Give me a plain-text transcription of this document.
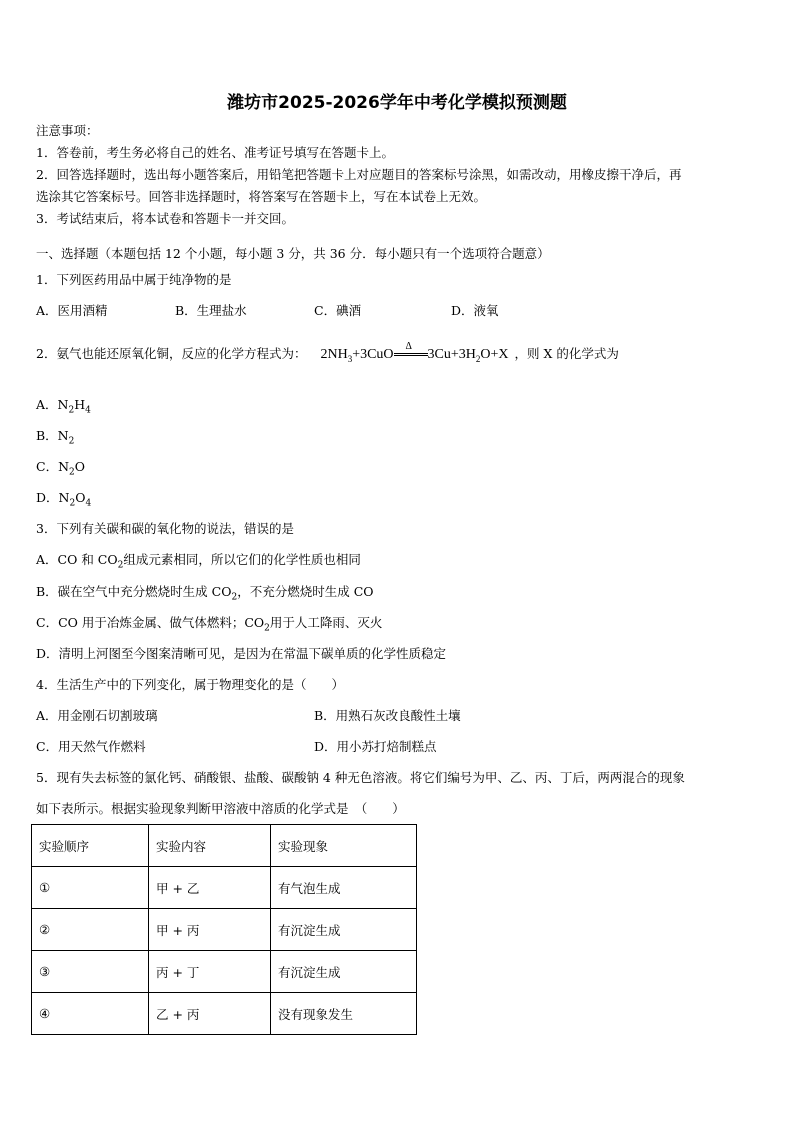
潍坊市2025-2026学年中考化学模拟预测题

注意事项：

1．答卷前，考生务必将自己的姓名、准考证号填写在答题卡上。

2．回答选择题时，选出每小题答案后，用铅笔把答题卡上对应题目的答案标号涂黑，如需改动，用橡皮擦干净后，再

选涂其它答案标号。回答非选择题时，将答案写在答题卡上，写在本试卷上无效。

3．考试结束后，将本试卷和答题卡一并交回。

一、选择题（本题包括 12 个小题，每小题 3 分，共 36 分．每小题只有一个选项符合题意）
1．下列医药用品中属于纯净物的是
A．医用酒精	B．生理盐水	C．碘酒	D．液氧
2．氨气也能还原氧化铜，反应的化学方程式为： $2NH_3+3CuO$
Δ
$3Cu+3H_2O+X$ ，则 X 的化学式为
A．$N_2H_4$
B．$N_2$
C．$N_2O$
D．$N_2O_4$
3．下列有关碳和碳的氧化物的说法，错误的是
A．CO 和 $CO_2$组成元素相同，所以它们的化学性质也相同
B．碳在空气中充分燃烧时生成 $CO_2$，不充分燃烧时生成 CO
C．CO 用于冶炼金属、做气体燃料；$CO_2$用于人工降雨、灭火
D．清明上河图至今图案清晰可见，是因为在常温下碳单质的化学性质稳定
4．生活生产中的下列变化，属于物理变化的是（　　）
A．用金刚石切割玻璃	B．用熟石灰改良酸性土壤
C．用天然气作燃料	D．用小苏打焙制糕点
5．现有失去标签的氯化钙、硝酸银、盐酸、碳酸钠 4 种无色溶液。将它们编号为甲、乙、丙、丁后，两两混合的现象
如下表所示。根据实验现象判断甲溶液中溶质的化学式是　（　　）
实验顺序	实验内容	实验现象
①	甲 + 乙	有气泡生成
②	甲 + 丙	有沉淀生成
③	丙 + 丁	有沉淀生成
④	乙 + 丙	没有现象发生
